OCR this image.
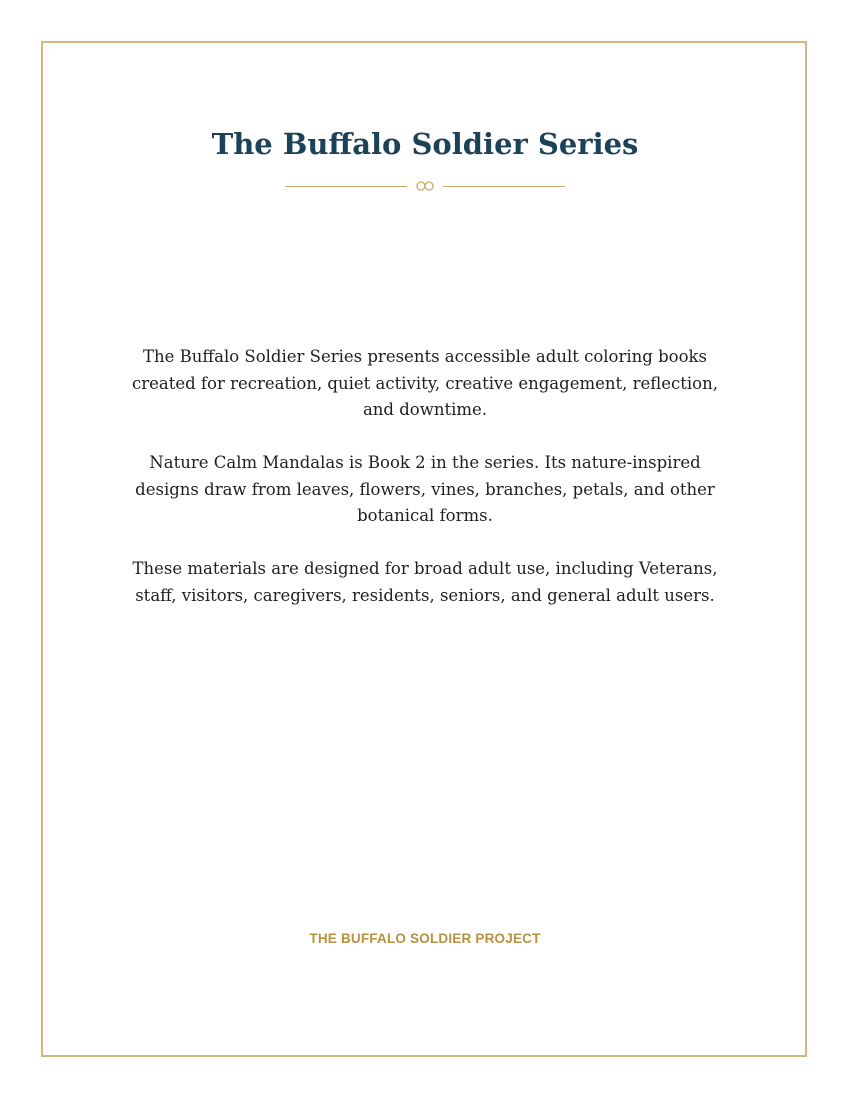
The Buffalo Soldier Series

The Buffalo Soldier Series presents accessible adult coloring books created for recreation, quiet activity, creative engagement, reflection, and downtime.

Nature Calm Mandalas is Book 2 in the series. Its nature-inspired designs draw from leaves, flowers, vines, branches, petals, and other botanical forms.

These materials are designed for broad adult use, including Veterans, staff, visitors, caregivers, residents, seniors, and general adult users.

THE BUFFALO SOLDIER PROJECT
